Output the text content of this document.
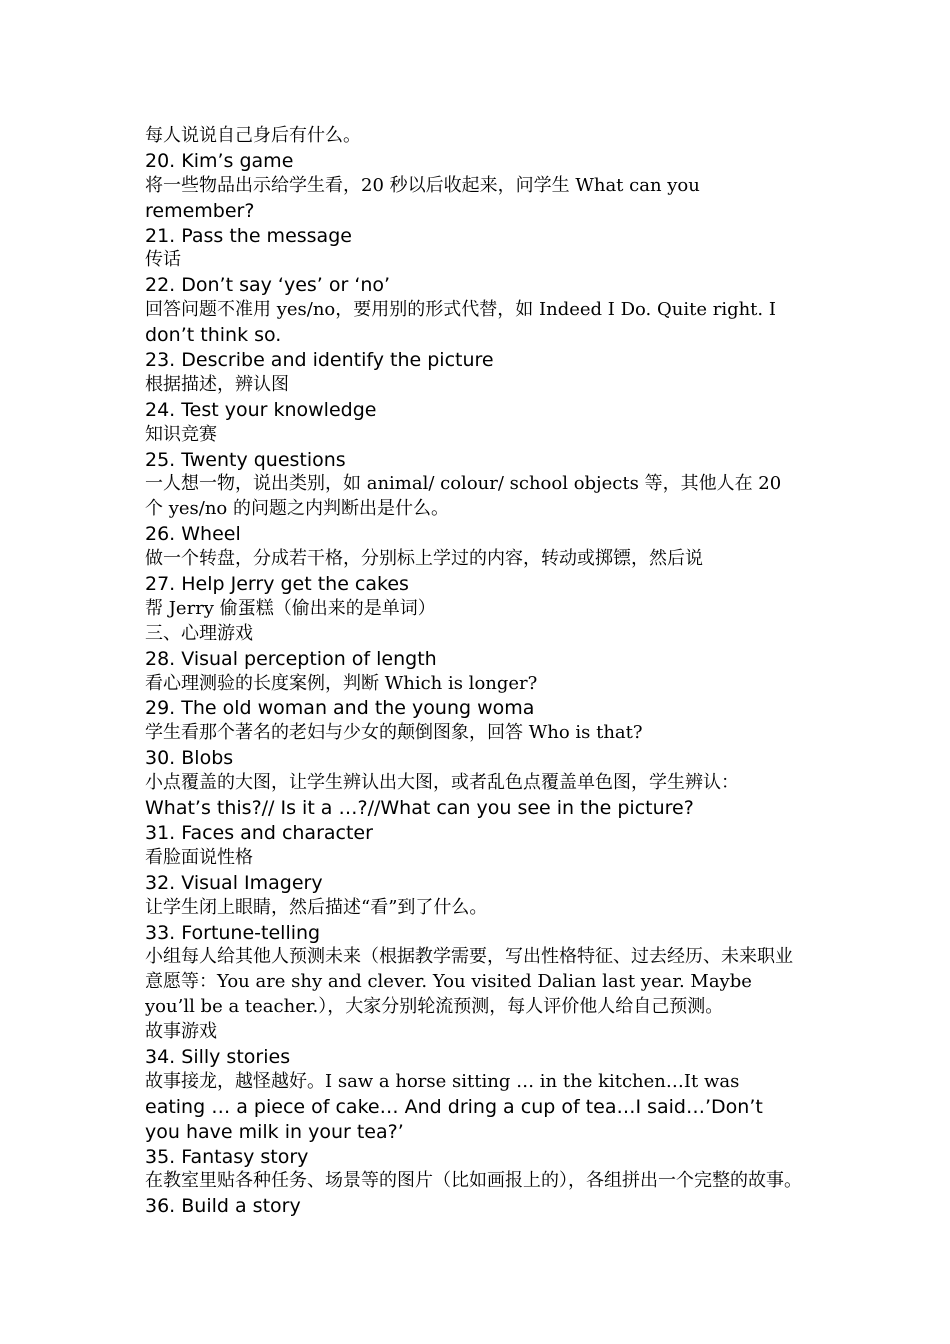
每人说说自己身后有什么。
20. Kim’s game
将一些物品出示给学生看，20 秒以后收起来，问学生 What can you
remember?
21. Pass the message
传话
22. Don’t say ‘yes’ or ‘no’
回答问题不准用 yes/no，要用别的形式代替，如 Indeed I Do. Quite right. I
don’t think so.
23. Describe and identify the picture
根据描述，辨认图
24. Test your knowledge
知识竞赛
25. Twenty questions
一人想一物，说出类别，如 animal/ colour/ school objects 等，其他人在 20
个 yes/no 的问题之内判断出是什么。
26. Wheel
做一个转盘，分成若干格，分别标上学过的内容，转动或掷镖，然后说
27. Help Jerry get the cakes
帮 Jerry 偷蛋糕（偷出来的是单词）
三、心理游戏
28. Visual perception of length
看心理测验的长度案例，判断 Which is longer?
29. The old woman and the young woma
学生看那个著名的老妇与少女的颠倒图象，回答 Who is that?
30. Blobs
小点覆盖的大图，让学生辨认出大图，或者乱色点覆盖单色图，学生辨认：
What’s this?// Is it a …?//What can you see in the picture?
31. Faces and character
看脸面说性格
32. Visual Imagery
让学生闭上眼睛，然后描述“看”到了什么。
33. Fortune-telling
小组每人给其他人预测未来（根据教学需要，写出性格特征、过去经历、未来职业
意愿等：You are shy and clever. You visited Dalian last year. Maybe
you’ll be a teacher.），大家分别轮流预测，每人评价他人给自己预测。
故事游戏
34. Silly stories
故事接龙，越怪越好。I saw a horse sitting … in the kitchen…It was
eating … a piece of cake… And dring a cup of tea…I said…’Don’t
you have milk in your tea?’
35. Fantasy story
在教室里贴各种任务、场景等的图片（比如画报上的），各组拼出一个完整的故事。
36. Build a story
